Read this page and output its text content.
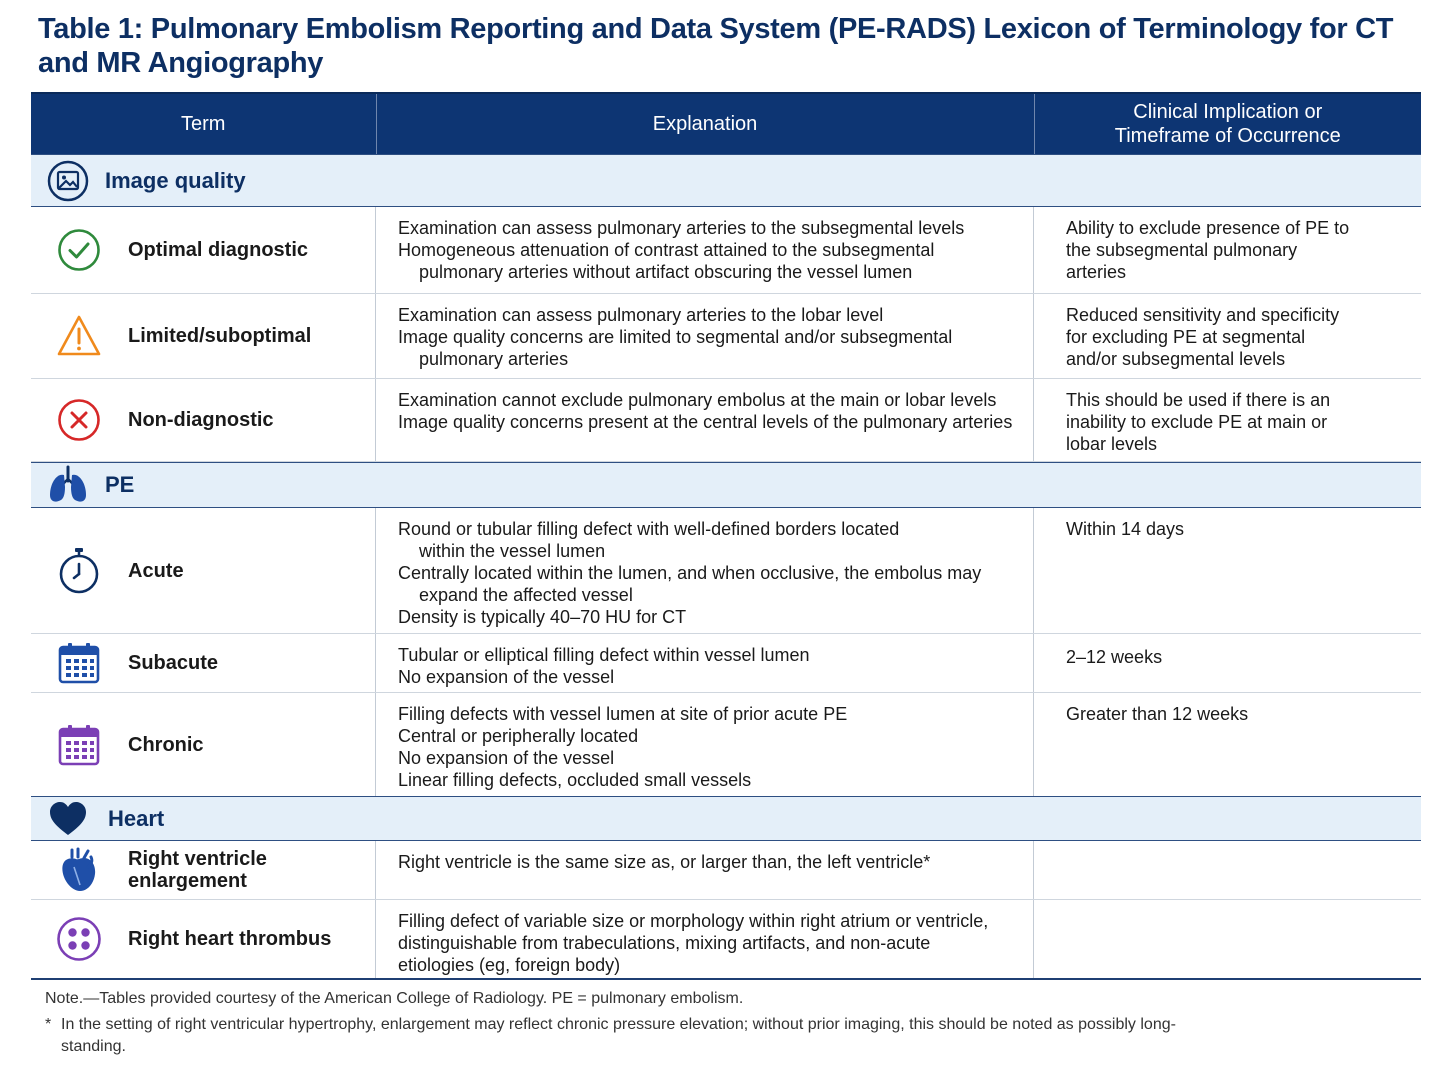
Table 1: Pulmonary Embolism Reporting and Data System (PE-RADS) Lexicon of Terminology for CT and MR Angiography
Term	Explanation
Clinical Implication or Timeframe of Occurrence
Image quality
Optimal diagnostic
Examination can assess pulmonary arteries to the subsegmental levels
Homogeneous attenuation of contrast attained to the subsegmental pulmonary arteries without artifact obscuring the vessel lumen
Ability to exclude presence of PE to the subsegmental pulmonary arteries
Limited/suboptimal
Examination can assess pulmonary arteries to the lobar level
Image quality concerns are limited to segmental and/or subsegmental pulmonary arteries
Reduced sensitivity and specificity for excluding PE at segmental and/or subsegmental levels
Non-diagnostic
Examination cannot exclude pulmonary embolus at the main or lobar levels
Image quality concerns present at the central levels of the pulmonary arteries
This should be used if there is an inability to exclude PE at main or lobar levels
PE
Acute
Round or tubular filling defect with well-defined borders located within the vessel lumen
Centrally located within the lumen, and when occlusive, the embolus may expand the affected vessel
Density is typically 40–70 HU for CT
Within 14 days
Subacute	Tubular or elliptical filling defect within vessel lumen
No expansion of the vessel
2–12 weeks
Chronic
Filling defects with vessel lumen at site of prior acute PE
Central or peripherally located
No expansion of the vessel
Linear filling defects, occluded small vessels
Greater than 12 weeks
Heart
Right ventricle enlargement
Right ventricle is the same size as, or larger than, the left ventricle*
Right heart thrombus
Filling defect of variable size or morphology within right atrium or ventricle, distinguishable from trabeculations, mixing artifacts, and non-acute etiologies (eg, foreign body)
Note.—Tables provided courtesy of the American College of Radiology. PE = pulmonary embolism.
* In the setting of right ventricular hypertrophy, enlargement may reflect chronic pressure elevation; without prior imaging, this should be noted as possibly long-standing.
